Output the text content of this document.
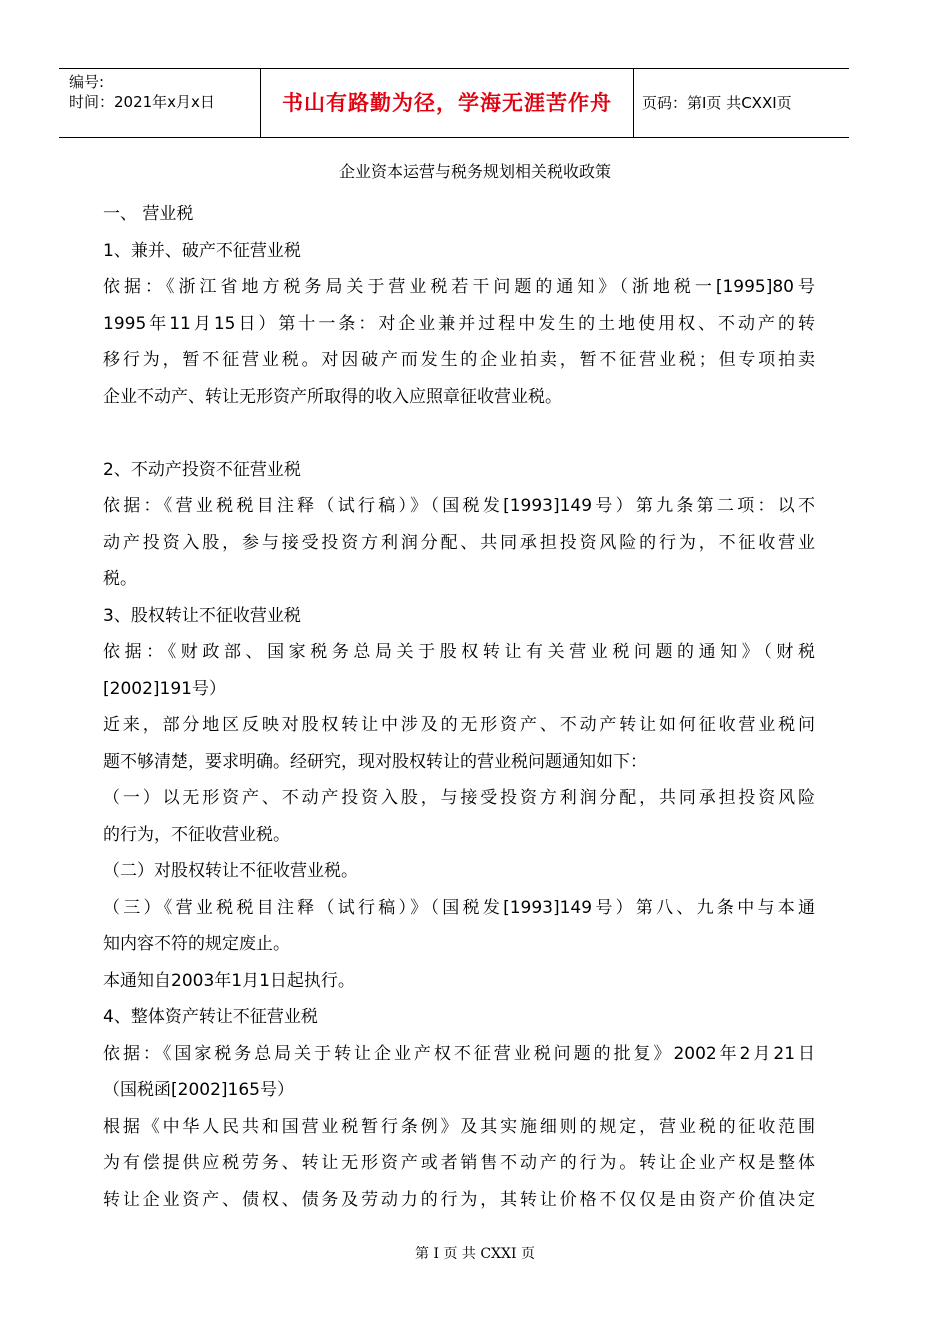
编号:
时间：2021年x月x日	书山有路勤为径，学海无涯苦作舟	页码：第I页 共CXXI页
企业资本运营与税务规划相关税收政策
一、 营业税
1、兼并、破产不征营业税
依据：《浙江省地方税务局关于营业税若干问题的通知》（浙地税一[1995]80号
1995年11月15日）第十一条：对企业兼并过程中发生的土地使用权、不动产的转
移行为，暂不征营业税。对因破产而发生的企业拍卖，暂不征营业税；但专项拍卖
企业不动产、转让无形资产所取得的收入应照章征收营业税。
2、不动产投资不征营业税
依据：《营业税税目注释（试行稿）》（国税发[1993]149号）第九条第二项：以不
动产投资入股，参与接受投资方利润分配、共同承担投资风险的行为，不征收营业
税。
3、股权转让不征收营业税
依据：《财政部、国家税务总局关于股权转让有关营业税问题的通知》（财税
[2002]191号）
近来，部分地区反映对股权转让中涉及的无形资产、不动产转让如何征收营业税问
题不够清楚，要求明确。经研究，现对股权转让的营业税问题通知如下：
（一）以无形资产、不动产投资入股，与接受投资方利润分配，共同承担投资风险
的行为，不征收营业税。
（二）对股权转让不征收营业税。
（三）《营业税税目注释（试行稿）》（国税发[1993]149号）第八、九条中与本通
知内容不符的规定废止。
本通知自2003年1月1日起执行。
4、整体资产转让不征营业税
依据：《国家税务总局关于转让企业产权不征营业税问题的批复》2002年2月21日
（国税函[2002]165号）
根据《中华人民共和国营业税暂行条例》及其实施细则的规定，营业税的征收范围
为有偿提供应税劳务、转让无形资产或者销售不动产的行为。转让企业产权是整体
转让企业资产、债权、债务及劳动力的行为，其转让价格不仅仅是由资产价值决定
第 I 页 共 CXXI 页
